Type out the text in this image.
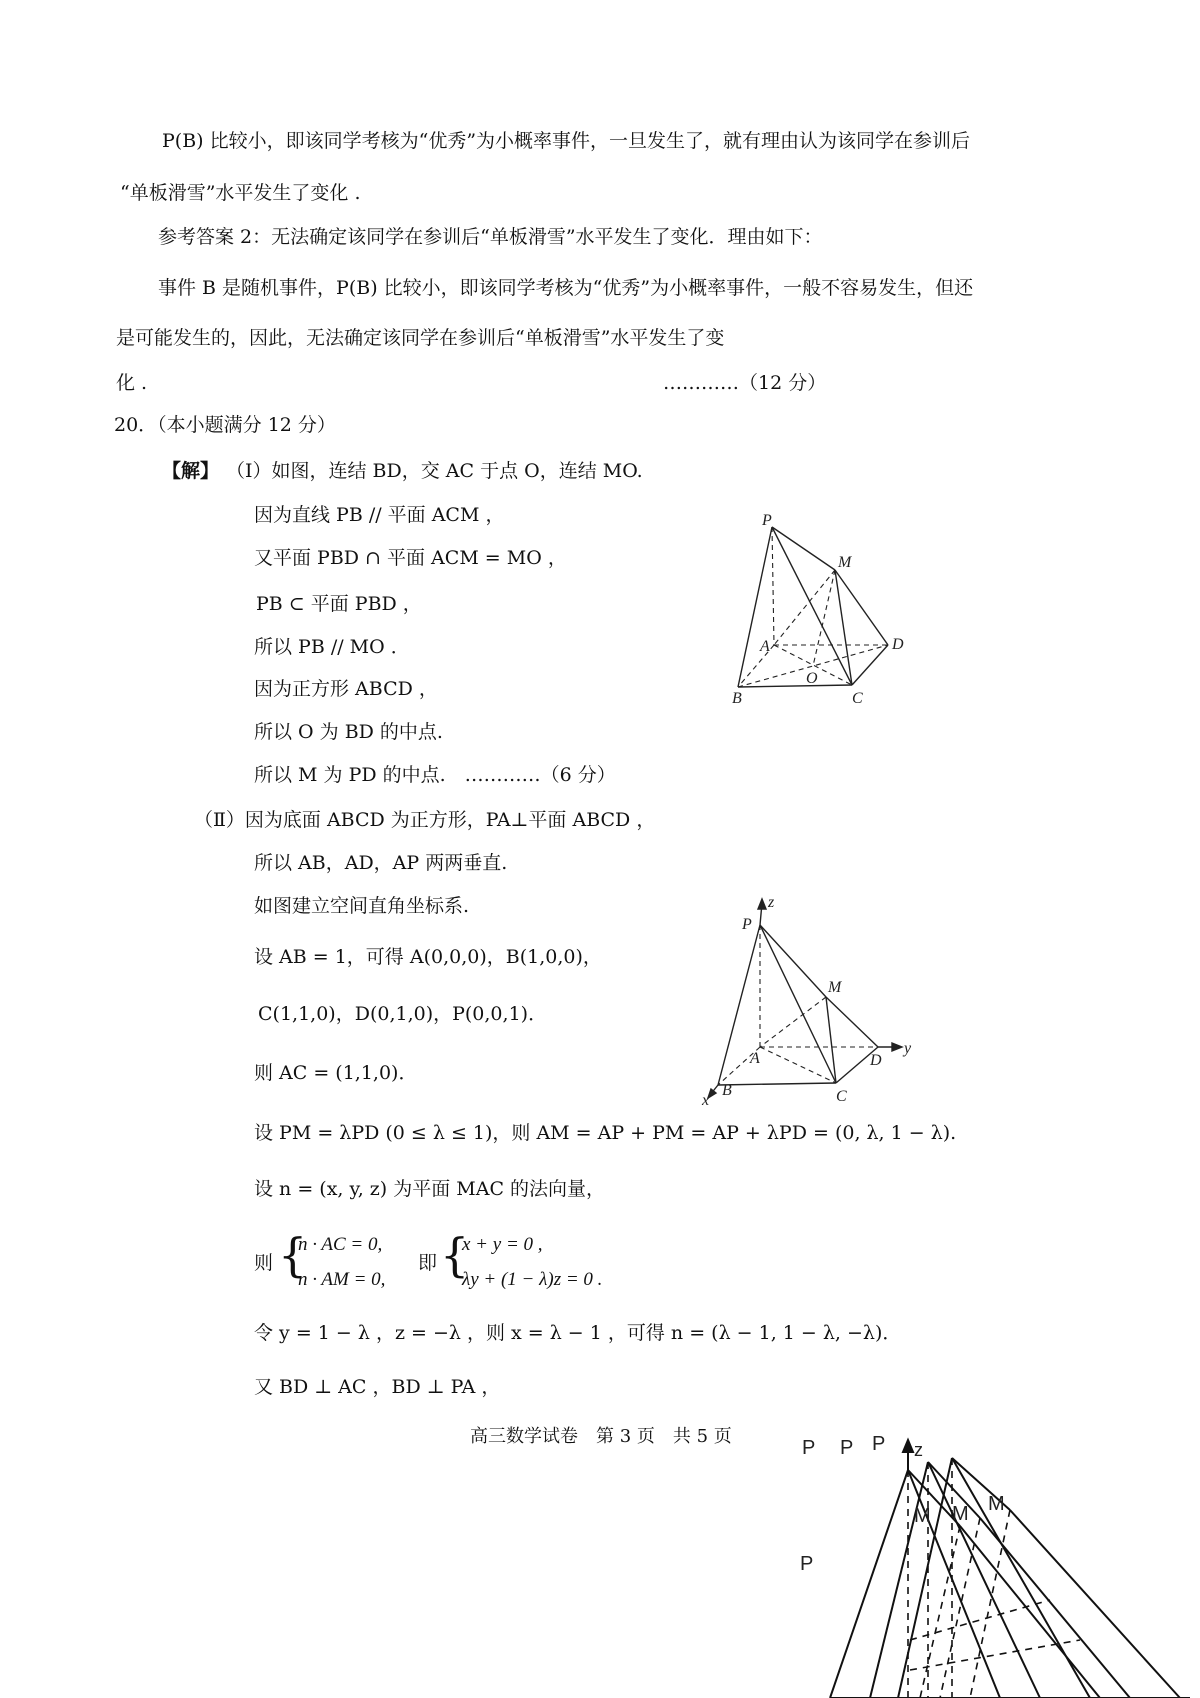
P(B) 比较小，即该同学考核为“优秀”为小概率事件，一旦发生了，就有理由认为该同学在参训后
“单板滑雪”水平发生了变化 .
参考答案 2：无法确定该同学在参训后“单板滑雪”水平发生了变化．理由如下：
事件 B 是随机事件，P(B) 比较小，即该同学考核为“优秀”为小概率事件，一般不容易发生，但还
是可能发生的，因此，无法确定该同学在参训后“单板滑雪”水平发生了变
化 .	…………（12 分）
20．（本小题满分 12 分）
【解】 （Ⅰ）如图，连结 BD，交 AC 于点 O，连结 MO.
因为直线 PB // 平面 ACM ，
又平面 PBD ∩ 平面 ACM = MO ，
PB ⊂ 平面 PBD ，
所以 PB // MO ．
因为正方形 ABCD ，
所以 O 为 BD 的中点.
所以 M 为 PD 的中点.　…………（6 分）
（Ⅱ）因为底面 ABCD 为正方形，PA⊥平面 ABCD ，
所以 AB，AD，AP 两两垂直.
如图建立空间直角坐标系.
设 AB = 1，可得 A(0,0,0)，B(1,0,0)，
C(1,1,0)，D(0,1,0)，P(0,0,1)．
则 AC = (1,1,0)．
设 PM = λPD (0 ≤ λ ≤ 1)，则 AM = AP + PM = AP + λPD = (0, λ, 1 − λ).
设 n = (x, y, z) 为平面 MAC 的法向量，
则 {
n · AC = 0,
n · AM = 0,
即 {
x + y = 0 ,
λy + (1 − λ)z = 0 .
令 y = 1 − λ ，z = −λ ，则 x = λ − 1 ，可得 n = (λ − 1, 1 − λ, −λ)．
又 BD ⊥ AC ，BD ⊥ PA ，
高三数学试卷　第 3 页　共 5 页
P
M
A
O
D
B	C
z
P
M
A	D
y
B	C
x
z
P P P
P
M M M
